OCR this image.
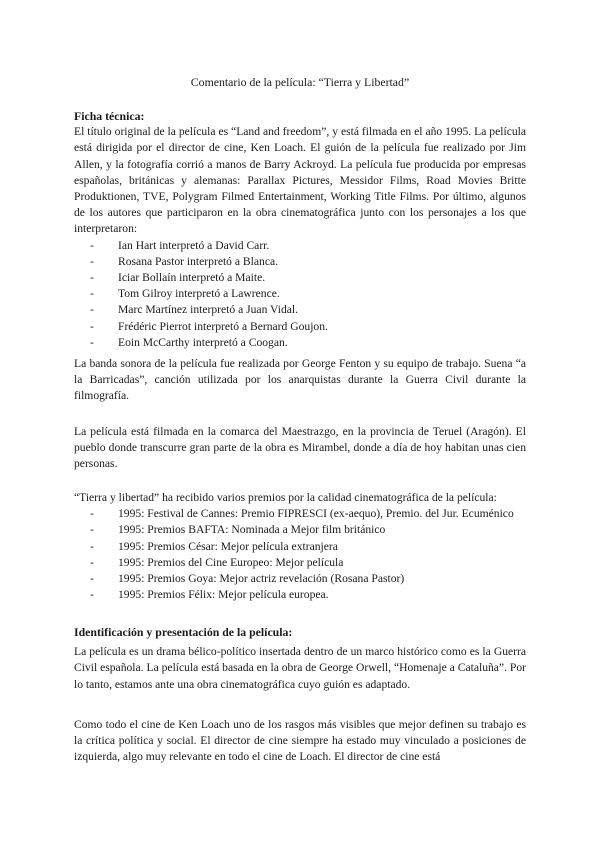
Comentario de la película: “Tierra y Libertad”
Ficha técnica:

El título original de la película es “Land and freedom”, y está filmada en el año 1995. La película está dirigida por el director de cine, Ken Loach. El guión de la película fue realizado por Jim Allen, y la fotografía corrió a manos de Barry Ackroyd. La película fue producida por empresas españolas, británicas y alemanas: Parallax Pictures, Messidor Films, Road Movies Britte Produktionen, TVE, Polygram Filmed Entertainment, Working Title Films. Por último, algunos de los autores que participaron en la obra cinematográfica junto con los personajes a los que interpretaron:

- Ian Hart interpretó a David Carr.
- Rosana Pastor interpretó a Blanca.
- Iciar Bollaín interpretó a Maite.
- Tom Gilroy interpretó a Lawrence.
- Marc Martínez interpretó a Juan Vidal.
- Frédéric Pierrot interpretó a Bernard Goujon.
- Eoin McCarthy interpretó a Coogan.

La banda sonora de la película fue realizada por George Fenton y su equipo de trabajo. Suena “a la Barricadas”, canción utilizada por los anarquistas durante la Guerra Civil durante la filmografía.

La película está filmada en la comarca del Maestrazgo, en la provincia de Teruel (Aragón). El pueblo donde transcurre gran parte de la obra es Mirambel, donde a día de hoy habitan unas cien personas.

“Tierra y libertad” ha recibido varios premios por la calidad cinematográfica de la película:

- 1995: Festival de Cannes: Premio FIPRESCI (ex-aequo), Premio. del Jur. Ecuménico
- 1995: Premios BAFTA: Nominada a Mejor film británico
- 1995: Premios César: Mejor película extranjera
- 1995: Premios del Cine Europeo: Mejor película
- 1995: Premios Goya: Mejor actriz revelación (Rosana Pastor)
- 1995: Premios Félix: Mejor película europea.
Identificación y presentación de la película:

La película es un drama bélico-político insertada dentro de un marco histórico como es la Guerra Civil española. La película está basada en la obra de George Orwell, “Homenaje a Cataluña”. Por lo tanto, estamos ante una obra cinematográfica cuyo guión es adaptado.

Como todo el cine de Ken Loach uno de los rasgos más visibles que mejor definen su trabajo es la crítica política y social. El director de cine siempre ha estado muy vinculado a posiciones de izquierda, algo muy relevante en todo el cine de Loach. El director de cine está
